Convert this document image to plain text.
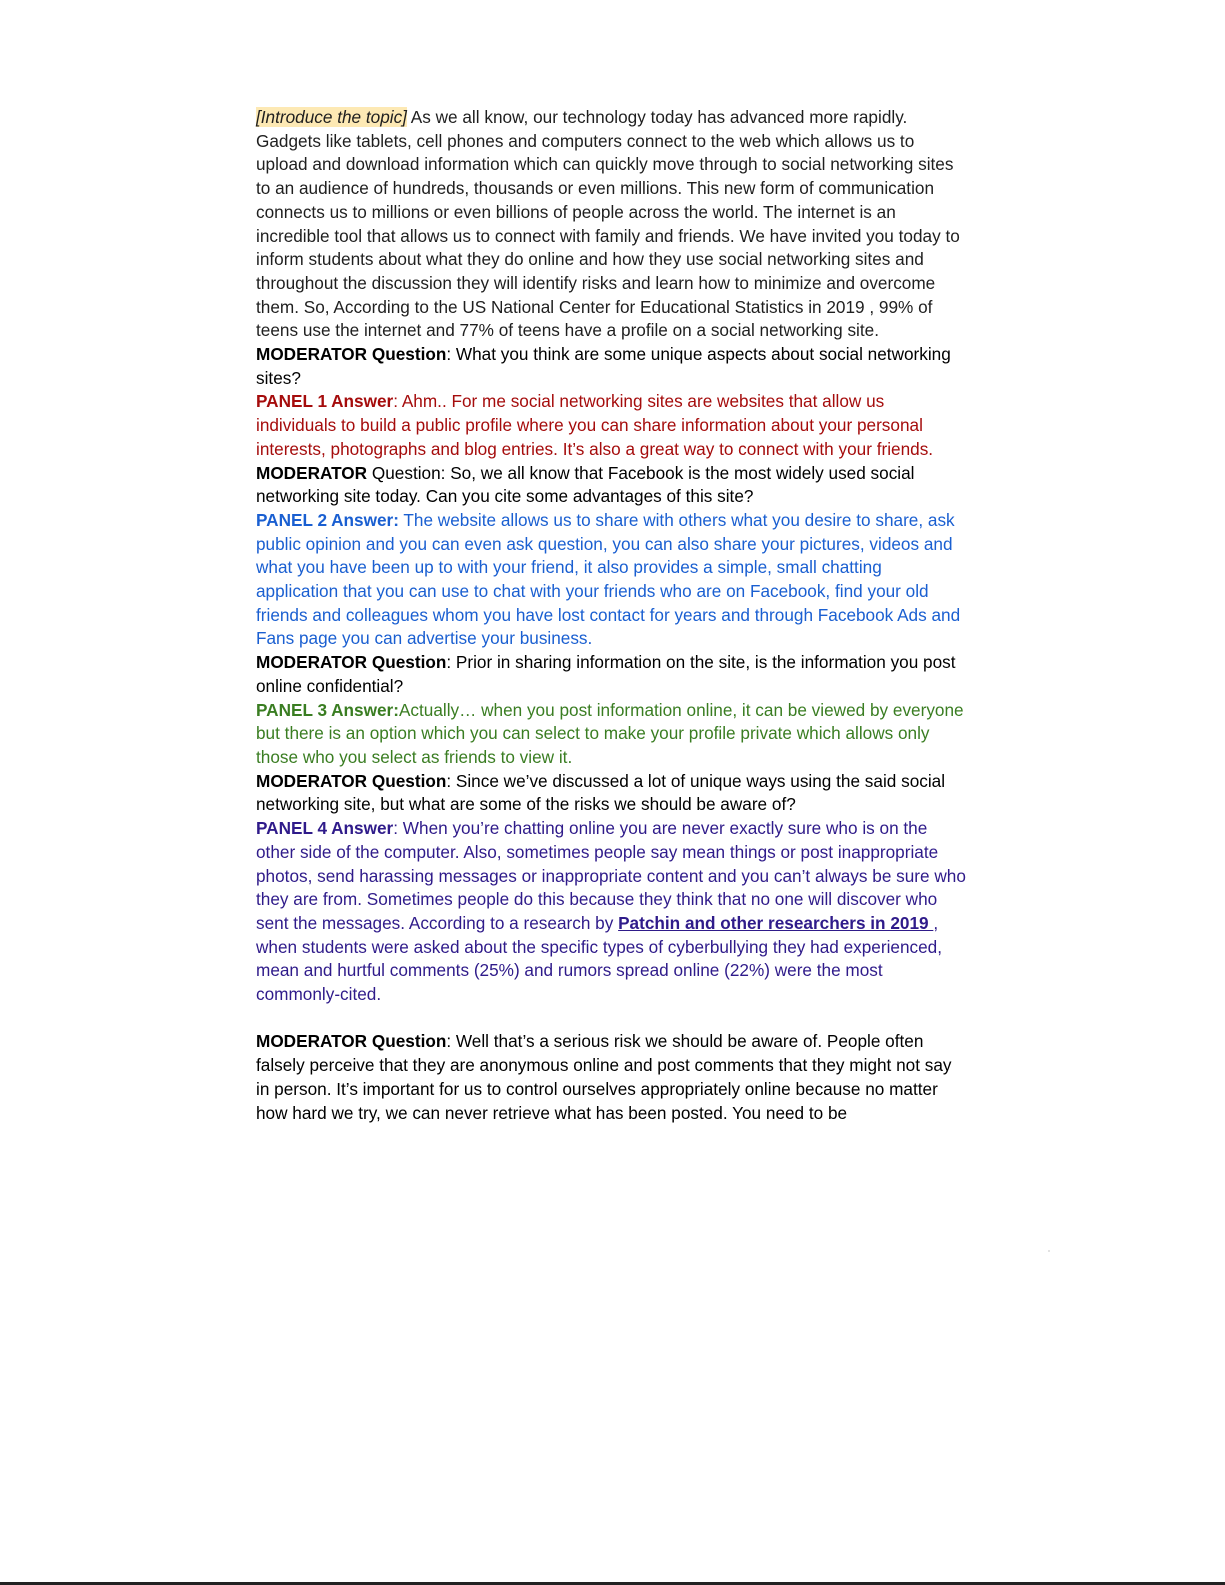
[Introduce the topic] As we all know, our technology today has advanced more rapidly. Gadgets like tablets, cell phones and computers connect to the web which allows us to upload and download information which can quickly move through to social networking sites to an audience of hundreds, thousands or even millions. This new form of communication connects us to millions or even billions of people across the world. The internet is an incredible tool that allows us to connect with family and friends. We have invited you today to inform students about what they do online and how they use social networking sites and throughout the discussion they will identify risks and learn how to minimize and overcome them. So, According to the US National Center for Educational Statistics in 2019 , 99% of teens use the internet and 77% of teens have a profile on a social networking site.

MODERATOR Question: What you think are some unique aspects about social networking sites?

PANEL 1 Answer: Ahm.. For me social networking sites are websites that allow us individuals to build a public profile where you can share information about your personal interests, photographs and blog entries. It’s also a great way to connect with your friends.

MODERATOR Question: So, we all know that Facebook is the most widely used social networking site today. Can you cite some advantages of this site?

PANEL 2 Answer: The website allows us to share with others what you desire to share, ask public opinion and you can even ask question, you can also share your pictures, videos and what you have been up to with your friend, it also provides a simple, small chatting application that you can use to chat with your friends who are on Facebook, find your old friends and colleagues whom you have lost contact for years and through Facebook Ads and Fans page you can advertise your business.

MODERATOR Question: Prior in sharing information on the site, is the information you post online confidential?

PANEL 3 Answer:Actually… when you post information online, it can be viewed by everyone but there is an option which you can select to make your profile private which allows only those who you select as friends to view it.

MODERATOR Question: Since we’ve discussed a lot of unique ways using the said social networking site, but what are some of the risks we should be aware of?

PANEL 4 Answer: When you’re chatting online you are never exactly sure who is on the other side of the computer. Also, sometimes people say mean things or post inappropriate photos, send harassing messages or inappropriate content and you can’t always be sure who they are from. Sometimes people do this because they think that no one will discover who sent the messages. According to a research by Patchin and other researchers in 2019 , when students were asked about the specific types of cyberbullying they had experienced, mean and hurtful comments (25%) and rumors spread online (22%) were the most commonly-cited.

MODERATOR Question: Well that’s a serious risk we should be aware of. People often falsely perceive that they are anonymous online and post comments that they might not say in person. It’s important for us to control ourselves appropriately online because no matter how hard we try, we can never retrieve what has been posted. You need to be
